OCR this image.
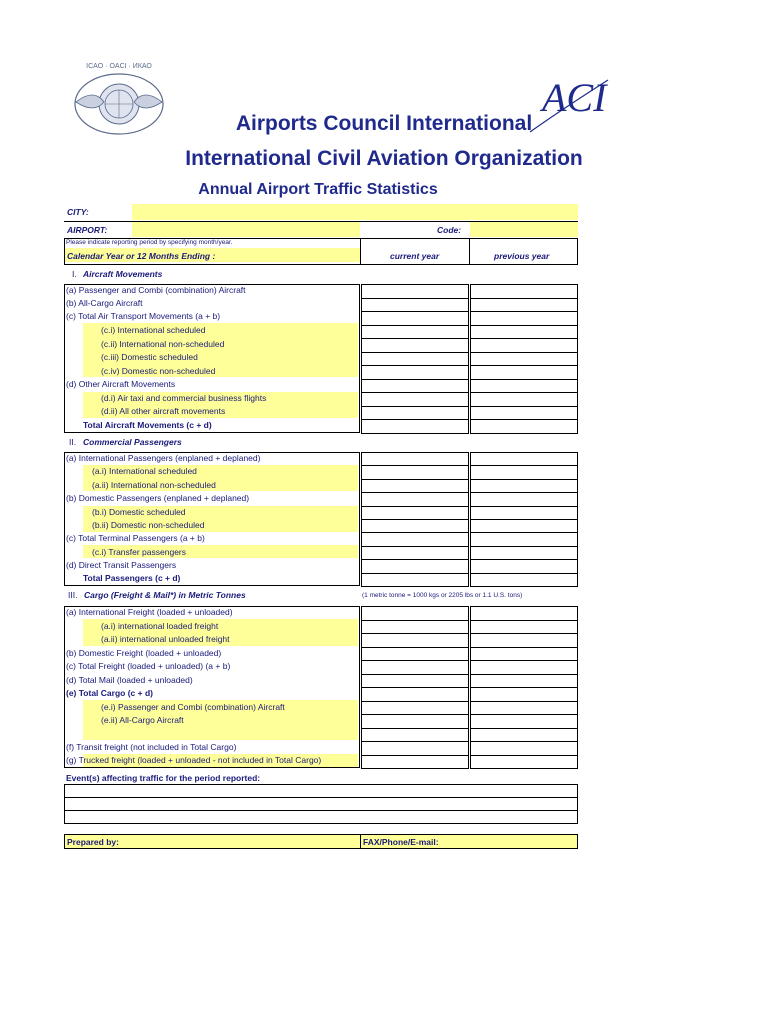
ICAO · OACI · ИКАО
ACI
Airports Council International
International Civil Aviation Organization
Annual Airport Traffic Statistics
CITY:
AIRPORT:	Code:
Please indicate reporting period by specifying month/year.
Calendar Year or 12 Months Ending :	current year	previous year
I. Aircraft Movements
(a) Passenger and Combi (combination) Aircraft
(b) All-Cargo Aircraft
(c) Total Air Transport Movements (a + b)
(c.i) International scheduled
(c.ii) International non-scheduled
(c.iii) Domestic scheduled
(c.iv) Domestic non-scheduled
(d) Other Aircraft Movements
(d.i) Air taxi and commercial business flights
(d.ii) All other aircraft movements
Total Aircraft Movements (c + d)
II. Commercial Passengers
(a) International Passengers (enplaned + deplaned)
(a.i) International scheduled
(a.ii) International non-scheduled
(b) Domestic Passengers (enplaned + deplaned)
(b.i) Domestic scheduled
(b.ii) Domestic non-scheduled
(c) Total Terminal Passengers (a + b)
(c.i) Transfer passengers
(d) Direct Transit Passengers
Total Passengers (c + d)
III. Cargo (Freight & Mail*) in Metric Tonnes	(1 metric tonne = 1000 kgs or 2205 lbs or 1.1 U.S. tons)
(a) International Freight (loaded + unloaded)
(a.i) international loaded freight
(a.ii) international unloaded freight
(b) Domestic Freight (loaded + unloaded)
(c) Total Freight (loaded + unloaded) (a + b)
(d) Total Mail (loaded + unloaded)
(e) Total Cargo (c + d)
(e.i) Passenger and Combi (combination) Aircraft
(e.ii) All-Cargo Aircraft
(f) Transit freight (not included in Total Cargo)
(g) Trucked freight (loaded + unloaded - not included in Total Cargo)
Event(s) affecting traffic for the period reported:
Prepared by:	FAX/Phone/E-mail:
